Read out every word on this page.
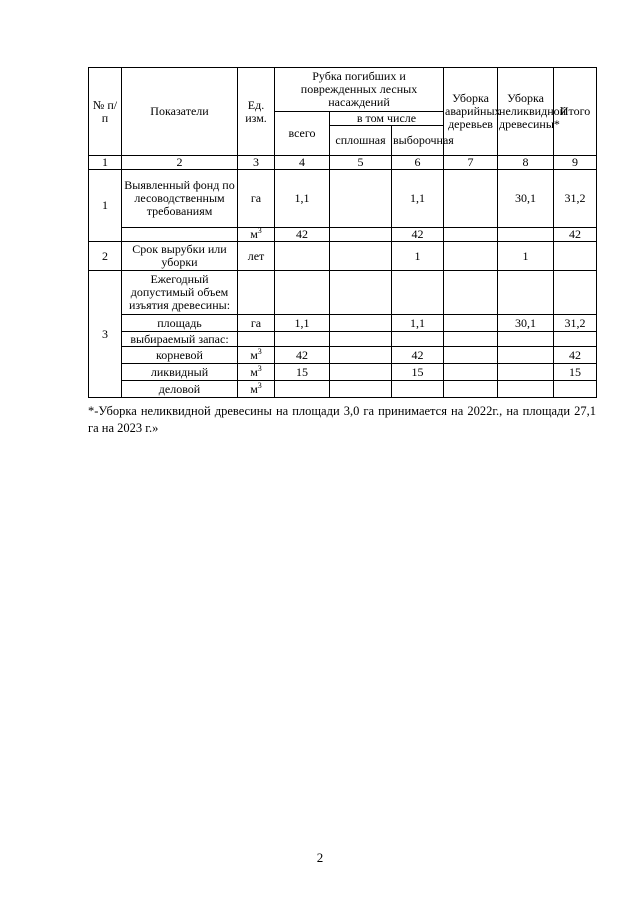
№ п/п	Показатели	Ед. изм.	Рубка погибших и поврежденных лесных насаждений			Уборка аварийных деревьев	Уборка неликвидной древесины*	Итого
			всего	в том числе				
				сплошная	выборочная			
1	2	3	4	5	6	7	8	9
1	Выявленный фонд по лесоводственным требованиям	га	1,1		1,1		30,1	31,2
		$м^3$	42		42			42
2	Срок вырубки или уборки	лет			1		1	
3	Ежегодный допустимый объем изъятия древесины:							
	площадь	га	1,1		1,1		30,1	31,2
	выбираемый запас:							
	корневой	$м^3$	42		42			42
	ликвидный	$м^3$	15		15			15
	деловой	$м^3$						
*-Уборка неликвидной древесины на площади 3,0 га принимается на 2022г., на площади 27,1 га на 2023 г.»
2
